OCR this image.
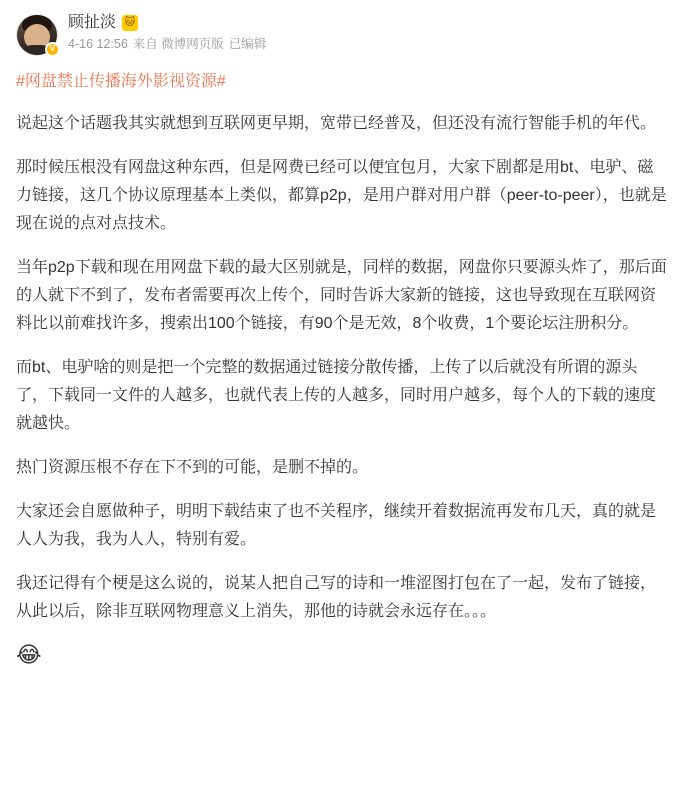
V
顾扯淡 🐱
4-16 12:56 来自 微博网页版 已编辑
#网盘禁止传播海外影视资源#

说起这个话题我其实就想到互联网更早期，宽带已经普及，但还没有流行智能手机的年代。

那时候压根没有网盘这种东西，但是网费已经可以便宜包月，大家下剧都是用bt、电驴、磁力链接，这几个协议原理基本上类似，都算p2p，是用户群对用户群（peer-to-peer），也就是现在说的点对点技术。

当年p2p下载和现在用网盘下载的最大区别就是，同样的数据，网盘你只要源头炸了，那后面的人就下不到了，发布者需要再次上传个，同时告诉大家新的链接，这也导致现在互联网资料比以前难找许多，搜索出100个链接，有90个是无效，8个收费，1个要论坛注册积分。

而bt、电驴啥的则是把一个完整的数据通过链接分散传播，上传了以后就没有所谓的源头了，下载同一文件的人越多，也就代表上传的人越多，同时用户越多，每个人的下载的速度就越快。

热门资源压根不存在下不到的可能，是删不掉的。

大家还会自愿做种子，明明下载结束了也不关程序，继续开着数据流再发布几天，真的就是人人为我，我为人人，特别有爱。

我还记得有个梗是这么说的，说某人把自己写的诗和一堆涩图打包在了一起，发布了链接，从此以后，除非互联网物理意义上消失，那他的诗就会永远存在。。。

😂
